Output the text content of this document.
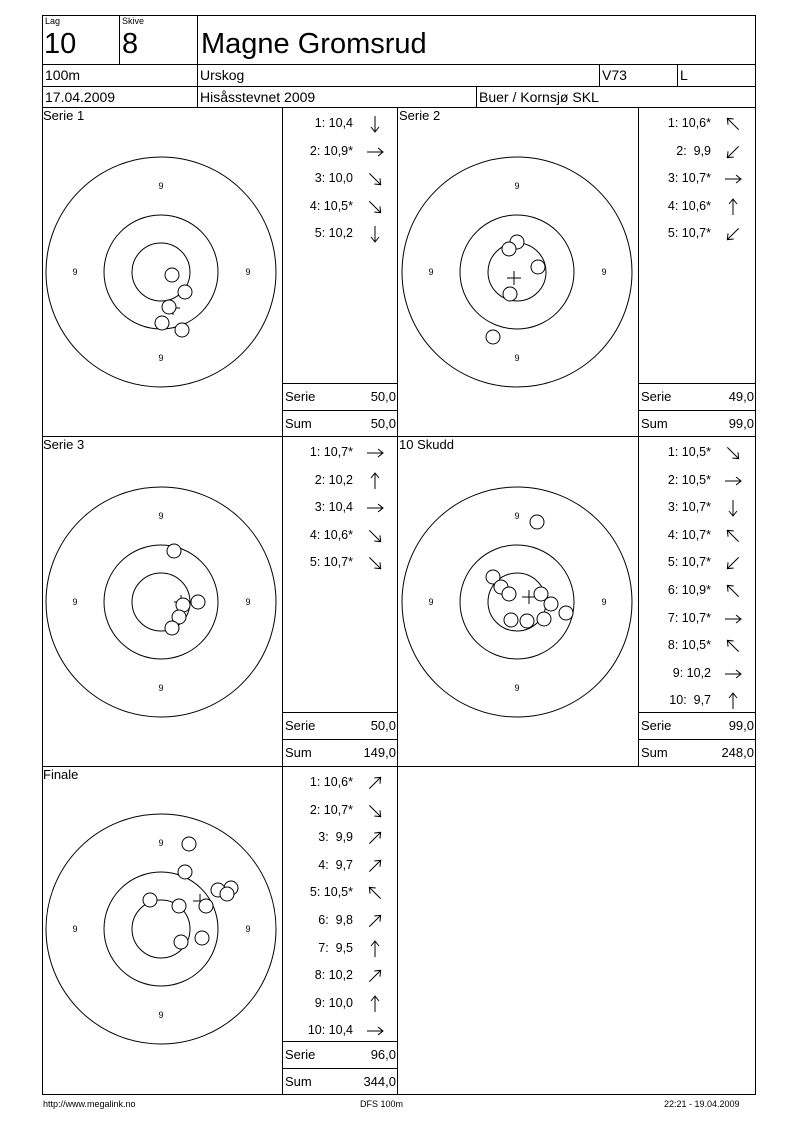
Lag
10
Skive
8 Magne Gromsrud
100m	Urskog	V73	L
17.04.2009	Hisåsstevnet 2009	Buer / Kornsjø SKL
Serie 1	Serie 2
Serie 3	10 Skudd
Finale
9
9
9	9
9
9
9	9
9
9
9	9
9
9
9	9
9
9
9	9
1: 10,4
2: 10,9*
3: 10,0
4: 10,5*
5: 10,2
1: 10,6*
2:  9,9
3: 10,7*
4: 10,6*
5: 10,7*
1: 10,7*
2: 10,2
3: 10,4
4: 10,6*
5: 10,7*
1: 10,5*
2: 10,5*
3: 10,7*
4: 10,7*
5: 10,7*
6: 10,9*
7: 10,7*
8: 10,5*
9: 10,2
10:  9,7
1: 10,6*
2: 10,7*
3:  9,9
4:  9,7
5: 10,5*
6:  9,8
7:  9,5
8: 10,2
9: 10,0
10: 10,4
Serie	50,0
Sum	50,0
Serie	49,0
Sum	99,0
Serie	50,0
Sum	149,0
Serie	99,0
Sum	248,0
Serie	96,0
Sum	344,0
http://www.megalink.no	DFS 100m	22:21 - 19.04.2009
